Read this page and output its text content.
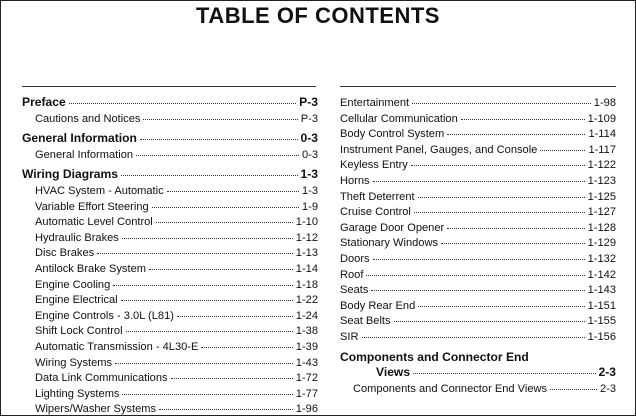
TABLE OF CONTENTS
Preface	P-3
Cautions and Notices	P-3
General Information	0-3
General Information	0-3
Wiring Diagrams	1-3
HVAC System - Automatic	1-3
Variable Effort Steering	1-9
Automatic Level Control	1-10
Hydraulic Brakes	1-12
Disc Brakes	1-13
Antilock Brake System	1-14
Engine Cooling	1-18
Engine Electrical	1-22
Engine Controls - 3.0L (L81)	1-24
Shift Lock Control	1-38
Automatic Transmission - 4L30-E	1-39
Wiring Systems	1-43
Data Link Communications	1-72
Lighting Systems	1-77
Wipers/Washer Systems	1-96
Entertainment	1-98
Cellular Communication	1-109
Body Control System	1-114
Instrument Panel, Gauges, and Console	1-117
Keyless Entry	1-122
Horns	1-123
Theft Deterrent	1-125
Cruise Control	1-127
Garage Door Opener	1-128
Stationary Windows	1-129
Doors	1-132
Roof	1-142
Seats	1-143
Body Rear End	1-151
Seat Belts	1-155
SIR	1-156
Components and Connector End
Views	2-3
Components and Connector End Views	2-3
